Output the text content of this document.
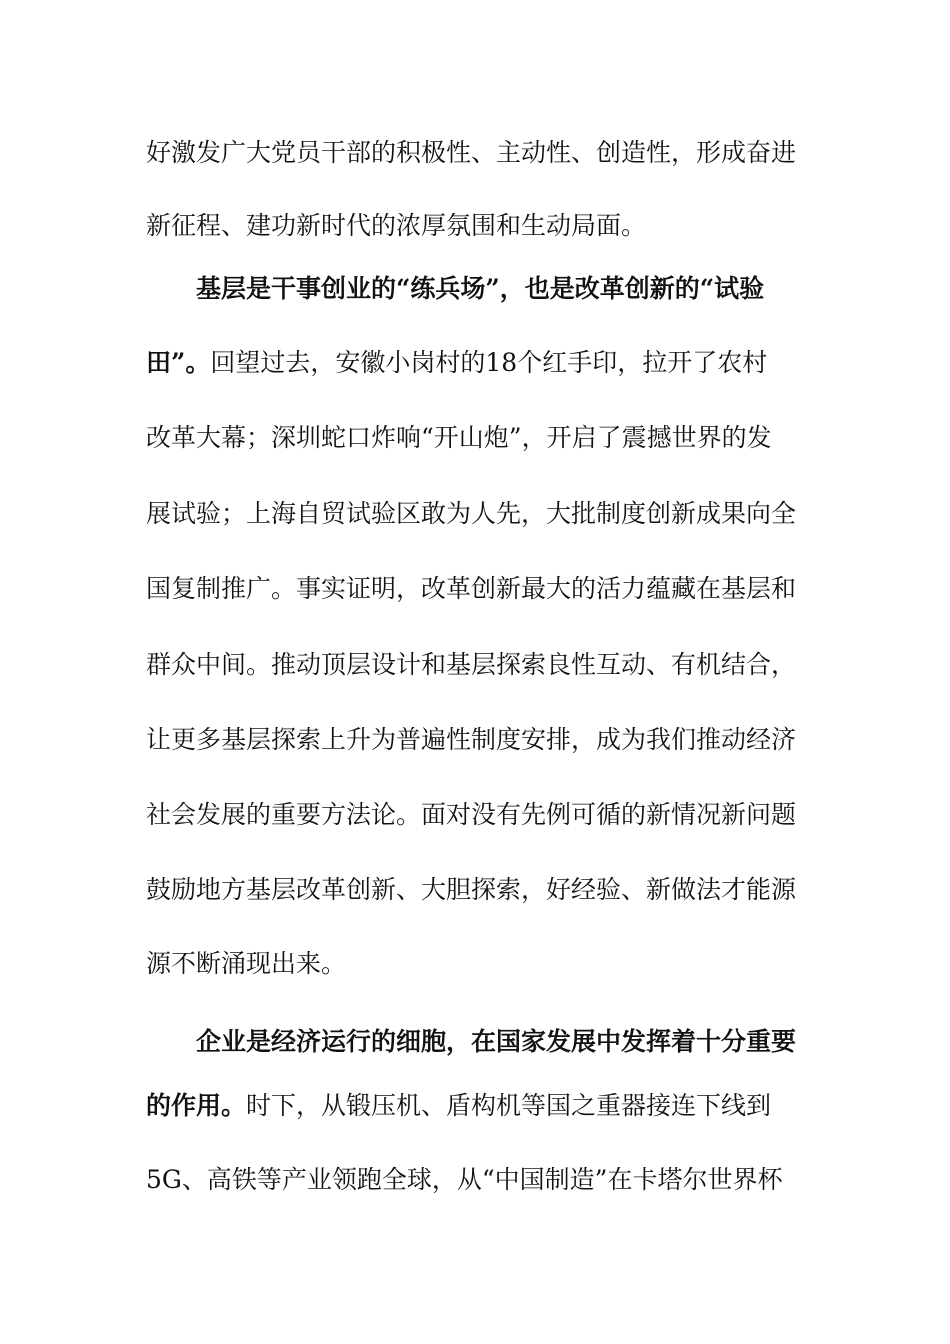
好激发广大党员干部的积极性、主动性、创造性，形成奋进
新征程、建功新时代的浓厚氛围和生动局面。
基层是干事创业的“练兵场”，也是改革创新的“试验
田”。回望过去，安徽小岗村的18个红手印，拉开了农村
改革大幕；深圳蛇口炸响“开山炮”，开启了震撼世界的发
展试验；上海自贸试验区敢为人先，大批制度创新成果向全
国复制推广。事实证明，改革创新最大的活力蕴藏在基层和
群众中间。推动顶层设计和基层探索良性互动、有机结合，
让更多基层探索上升为普遍性制度安排，成为我们推动经济
社会发展的重要方法论。面对没有先例可循的新情况新问题
鼓励地方基层改革创新、大胆探索，好经验、新做法才能源
源不断涌现出来。
企业是经济运行的细胞，在国家发展中发挥着十分重要
的作用。时下，从锻压机、盾构机等国之重器接连下线到
5G、高铁等产业领跑全球，从“中国制造”在卡塔尔世界杯
